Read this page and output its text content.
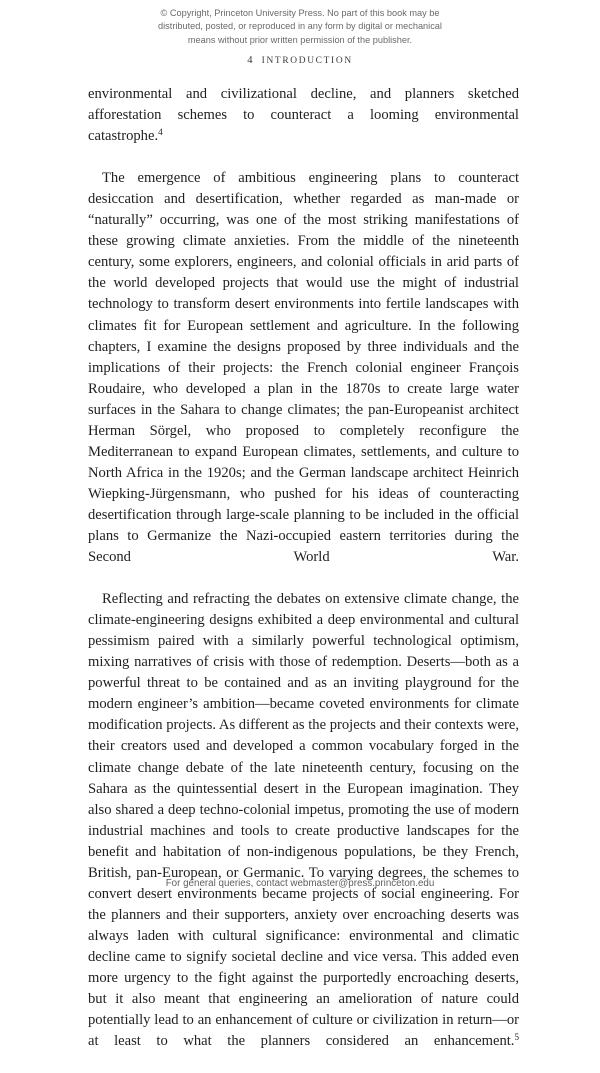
© Copyright, Princeton University Press. No part of this book may be
distributed, posted, or reproduced in any form by digital or mechanical
means without prior written permission of the publisher.
4 INTRODUCTION

environmental and civilizational decline, and planners sketched afforestation schemes to counteract a looming environmental catastrophe.$^4$

The emergence of ambitious engineering plans to counteract desiccation and desertification, whether regarded as man-made or “naturally” occurring, was one of the most striking manifestations of these growing climate anxieties. From the middle of the nineteenth century, some explorers, engineers, and colonial officials in arid parts of the world developed projects that would use the might of industrial technology to transform desert environments into fertile landscapes with climates fit for European settlement and agriculture. In the following chapters, I examine the designs proposed by three individuals and the implications of their projects: the French colonial engineer François Roudaire, who developed a plan in the 1870s to create large water surfaces in the Sahara to change climates; the pan-Europeanist architect Herman Sörgel, who proposed to completely reconfigure the Mediterranean to expand European climates, settlements, and culture to North Africa in the 1920s; and the German landscape architect Heinrich Wiepking-Jürgensmann, who pushed for his ideas of counteracting desertification through large-scale planning to be included in the official plans to Germanize the Nazi-occupied eastern territories during the Second World War.

Reflecting and refracting the debates on extensive climate change, the climate-engineering designs exhibited a deep environmental and cultural pessimism paired with a similarly powerful technological optimism, mixing narratives of crisis with those of redemption. Deserts—both as a powerful threat to be contained and as an inviting playground for the modern engineer’s ambition—became coveted environments for climate modification projects. As different as the projects and their contexts were, their creators used and developed a common vocabulary forged in the climate change debate of the late nineteenth century, focusing on the Sahara as the quintessential desert in the European imagination. They also shared a deep techno-colonial impetus, promoting the use of modern industrial machines and tools to create productive landscapes for the benefit and habitation of non-indigenous populations, be they French, British, pan-European, or Germanic. To varying degrees, the schemes to convert desert environments became projects of social engineering. For the planners and their supporters, anxiety over encroaching deserts was always laden with cultural significance: environmental and climatic decline came to signify societal decline and vice versa. This added even more urgency to the fight against the purportedly encroaching deserts, but it also meant that engineering an amelioration of nature could potentially lead to an enhancement of culture or civilization in return—or at least to what the planners considered an enhancement.$^5$

For general queries, contact webmaster@press.princeton.edu
